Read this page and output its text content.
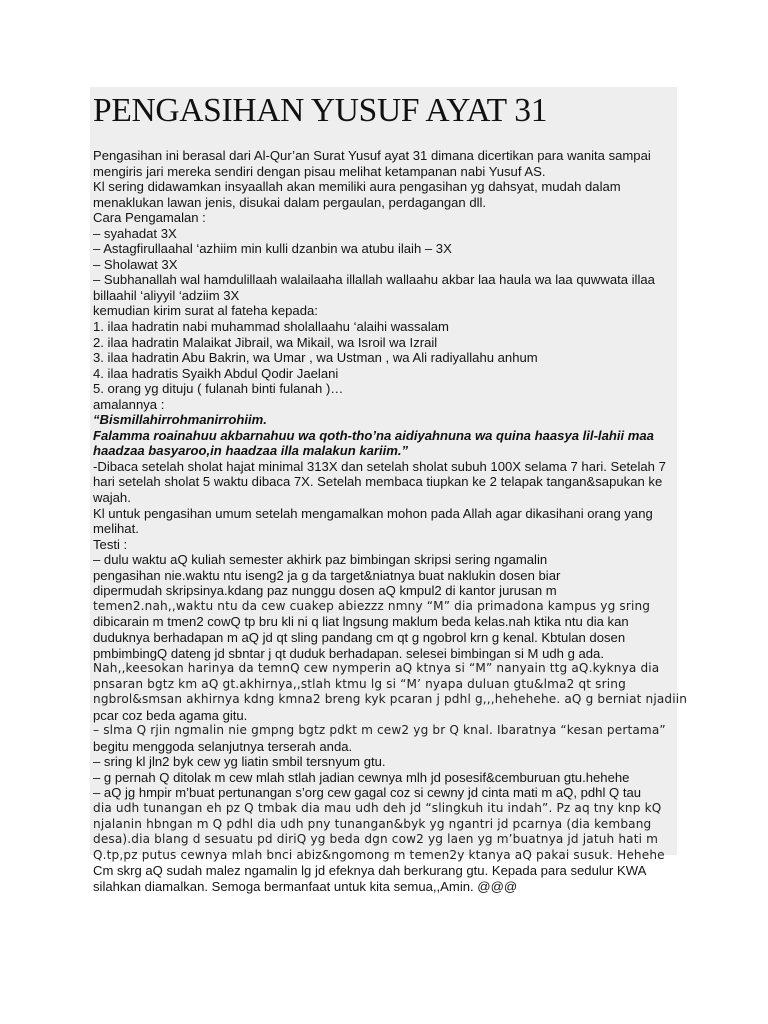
PENGASIHAN YUSUF AYAT 31

Pengasihan ini berasal dari Al-Qur’an Surat Yusuf ayat 31 dimana dicertikan para wanita sampai mengiris jari mereka sendiri dengan pisau melihat ketampanan nabi Yusuf AS.

Kl sering didawamkan insyaallah akan memiliki aura pengasihan yg dahsyat, mudah dalam menaklukan lawan jenis, disukai dalam pergaulan, perdagangan dll.

Cara Pengamalan :

– syahadat 3X

– Astagfirullaahal ‘azhiim min kulli dzanbin wa atubu ilaih – 3X

– Sholawat 3X

– Subhanallah wal hamdulillaah walailaaha illallah wallaahu akbar laa haula wa laa quwwata illaa billaahil ‘aliyyil ‘adziim 3X

kemudian kirim surat al fateha kepada:

1. ilaa hadratin nabi muhammad sholallaahu ‘alaihi wassalam

2. ilaa hadratin Malaikat Jibrail, wa Mikail, wa Isroil wa Izrail

3. ilaa hadratin Abu Bakrin, wa Umar , wa Ustman , wa Ali radiyallahu anhum

4. ilaa hadratis Syaikh Abdul Qodir Jaelani

5. orang yg dituju ( fulanah binti fulanah )…

amalannya :

“Bismillahirrohmanirrohiim.

Falamma roainahuu akbarnahuu wa qoth-tho’na aidiyahnuna wa quina haasya lil-lahii maa haadzaa basyaroo,in haadzaa illa malakun kariim.”

-Dibaca setelah sholat hajat minimal 313X dan setelah sholat subuh 100X selama 7 hari. Setelah 7 hari setelah sholat 5 waktu dibaca 7X. Setelah membaca tiupkan ke 2 telapak tangan&sapukan ke wajah.

Kl untuk pengasihan umum setelah mengamalkan mohon pada Allah agar dikasihani orang yang melihat.

Testi :

– dulu waktu aQ kuliah semester akhirk paz bimbingan skripsi sering ngamalin

pengasihan nie.waktu ntu iseng2 ja g da target&niatnya buat naklukin dosen biar

dipermudah skripsinya.kdang paz nunggu dosen aQ kmpul2 di kantor jurusan m

temen2.nah,,waktu ntu da cew cuakep abiezzz nmny “M” dia primadona kampus yg sring

dibicarain m tmen2 cowQ tp bru kli ni q liat lngsung maklum beda kelas.nah ktika ntu dia kan

duduknya berhadapan m aQ jd qt sling pandang cm qt g ngobrol krn g kenal. Kbtulan dosen

pmbimbingQ dateng jd sbntar j qt duduk berhadapan. selesei bimbingan si M udh g ada.

Nah,,keesokan harinya da temnQ cew nymperin aQ ktnya si “M” nanyain ttg aQ.kyknya dia

pnsaran bgtz km aQ gt.akhirnya,,stlah ktmu lg si “M’ nyapa duluan gtu&lma2 qt sring

ngbrol&smsan akhirnya kdng kmna2 breng kyk pcaran j pdhl g,,,hehehehe. aQ g berniat njadiin

pcar coz beda agama gitu.

– slma Q rjin ngmalin nie gmpng bgtz pdkt m cew2 yg br Q knal. Ibaratnya “kesan pertama”

begitu menggoda selanjutnya terserah anda.

– sring kl jln2 byk cew yg liatin smbil tersnyum gtu.

– g pernah Q ditolak m cew mlah stlah jadian cewnya mlh jd posesif&cemburuan gtu.hehehe

– aQ jg hmpir m’buat pertunangan s’org cew gagal coz si cewny jd cinta mati m aQ, pdhl Q tau

dia udh tunangan eh pz Q tmbak dia mau udh deh jd “slingkuh itu indah”. Pz aq tny knp kQ

njalanin hbngan m Q pdhl dia udh pny tunangan&byk yg ngantri jd pcarnya (dia kembang

desa).dia blang d sesuatu pd diriQ yg beda dgn cow2 yg laen yg m’buatnya jd jatuh hati m

Q.tp,pz putus cewnya mlah bnci abiz&ngomong m temen2y ktanya aQ pakai susuk. Hehehe

Cm skrg aQ sudah malez ngamalin lg jd efeknya dah berkurang gtu. Kepada para sedulur KWA

silahkan diamalkan. Semoga bermanfaat untuk kita semua,,Amin. @@@
